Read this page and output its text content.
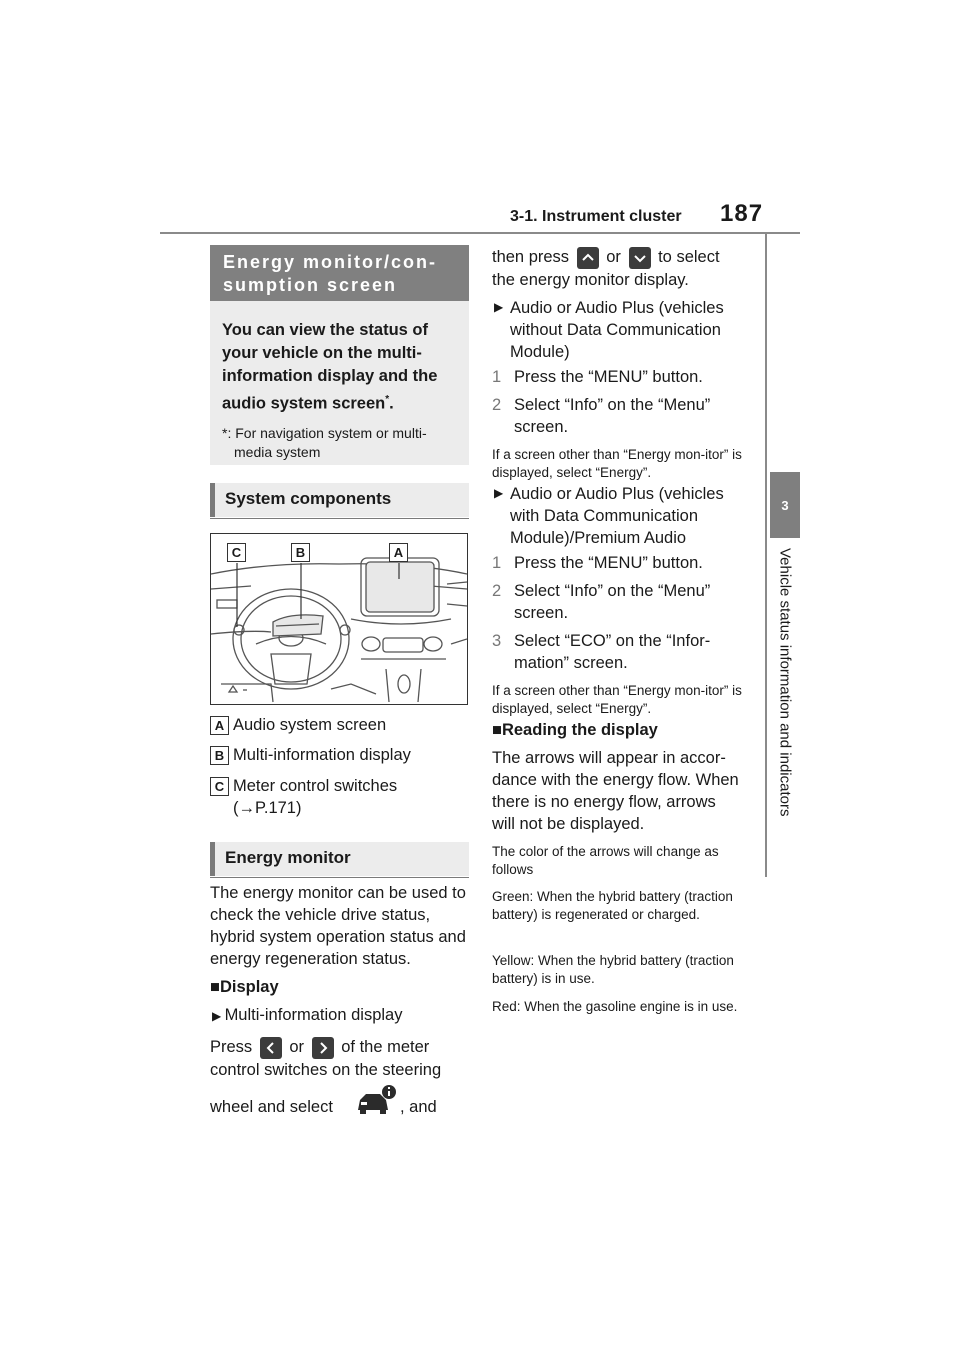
3-1. Instrument cluster 187
3
Vehicle status information and indicators
Energy monitor/con-
sumption screen
You can view the status of your vehicle on the multi-information display and the audio system screen*.
*: For navigation system or multi-media system
System components
C	B	A
A Audio system screen
B Multi-information display
C Meter control switches
(→P.171)
Energy monitor
The energy monitor can be used to check the vehicle drive status, hybrid system operation status and energy regeneration status.
■Display
▶ Multi-information display
Press or of the meter control switches on the steering
wheel and select	, and
then press or to select
the energy monitor display.
▶ Audio or Audio Plus (vehicles without Data Communication Module)
1 Press the “MENU” button.
2 Select “Info” on the “Menu” screen.
If a screen other than “Energy mon-itor” is displayed, select “Energy”.
▶ Audio or Audio Plus (vehicles with Data Communication Module)/Premium Audio
1 Press the “MENU” button.
2 Select “Info” on the “Menu” screen.
3 Select “ECO” on the “Infor-mation” screen.
If a screen other than “Energy mon-itor” is displayed, select “Energy”.
■Reading the display
The arrows will appear in accor-dance with the energy flow. When there is no energy flow, arrows will not be displayed.
The color of the arrows will change as follows
Green: When the hybrid battery (traction battery) is regenerated or charged.
Yellow: When the hybrid battery (traction battery) is in use.
Red: When the gasoline engine is in use.
